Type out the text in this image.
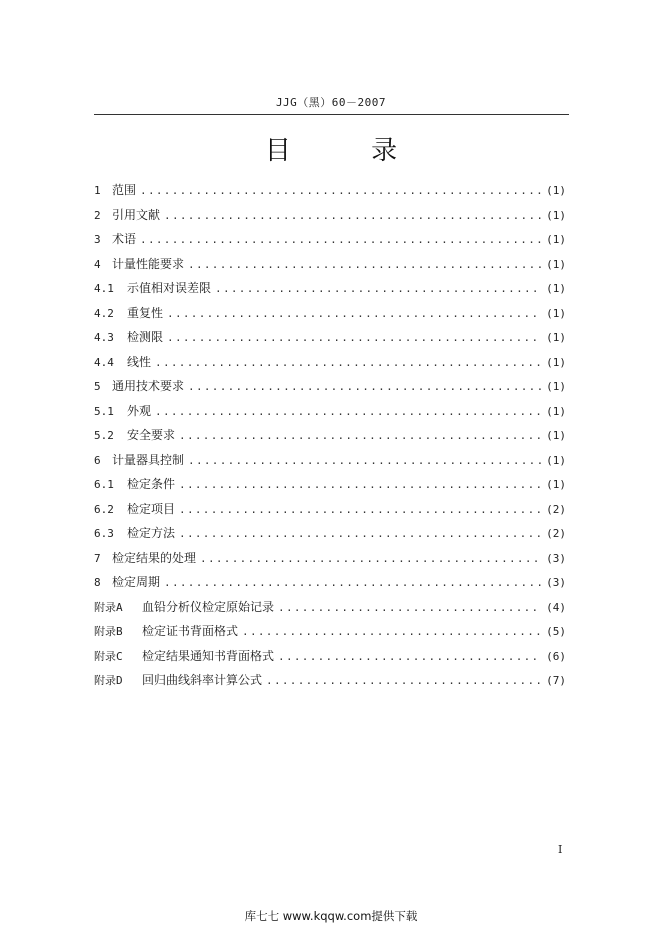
JJG（黑）60－2007
目 录
1 范围 .....	(1)
2 引用文献 .....	(1)
3 术语 .....	(1)
4 计量性能要求 .....	(1)
4.1	示值相对误差限 .....	(1)
4.2	重复性 .....	(1)
4.3	检测限 .....	(1)
4.4	线性 .....	(1)
5 通用技术要求 .....	(1)
5.1	外观 .....	(1)
5.2	安全要求 .....	(1)
6 计量器具控制 .....	(1)
6.1	检定条件 .....	(1)
6.2	检定项目 .....	(2)
6.3	检定方法 .....	(2)
7 检定结果的处理 .....	(3)
8 检定周期 .....	(3)
附录A	血铅分析仪检定原始记录 .....	(4)
附录B	检定证书背面格式 .....	(5)
附录C	检定结果通知书背面格式 .....	(6)
附录D	回归曲线斜率计算公式 .....	(7)
I
库七七 www.kqqw.com提供下载
